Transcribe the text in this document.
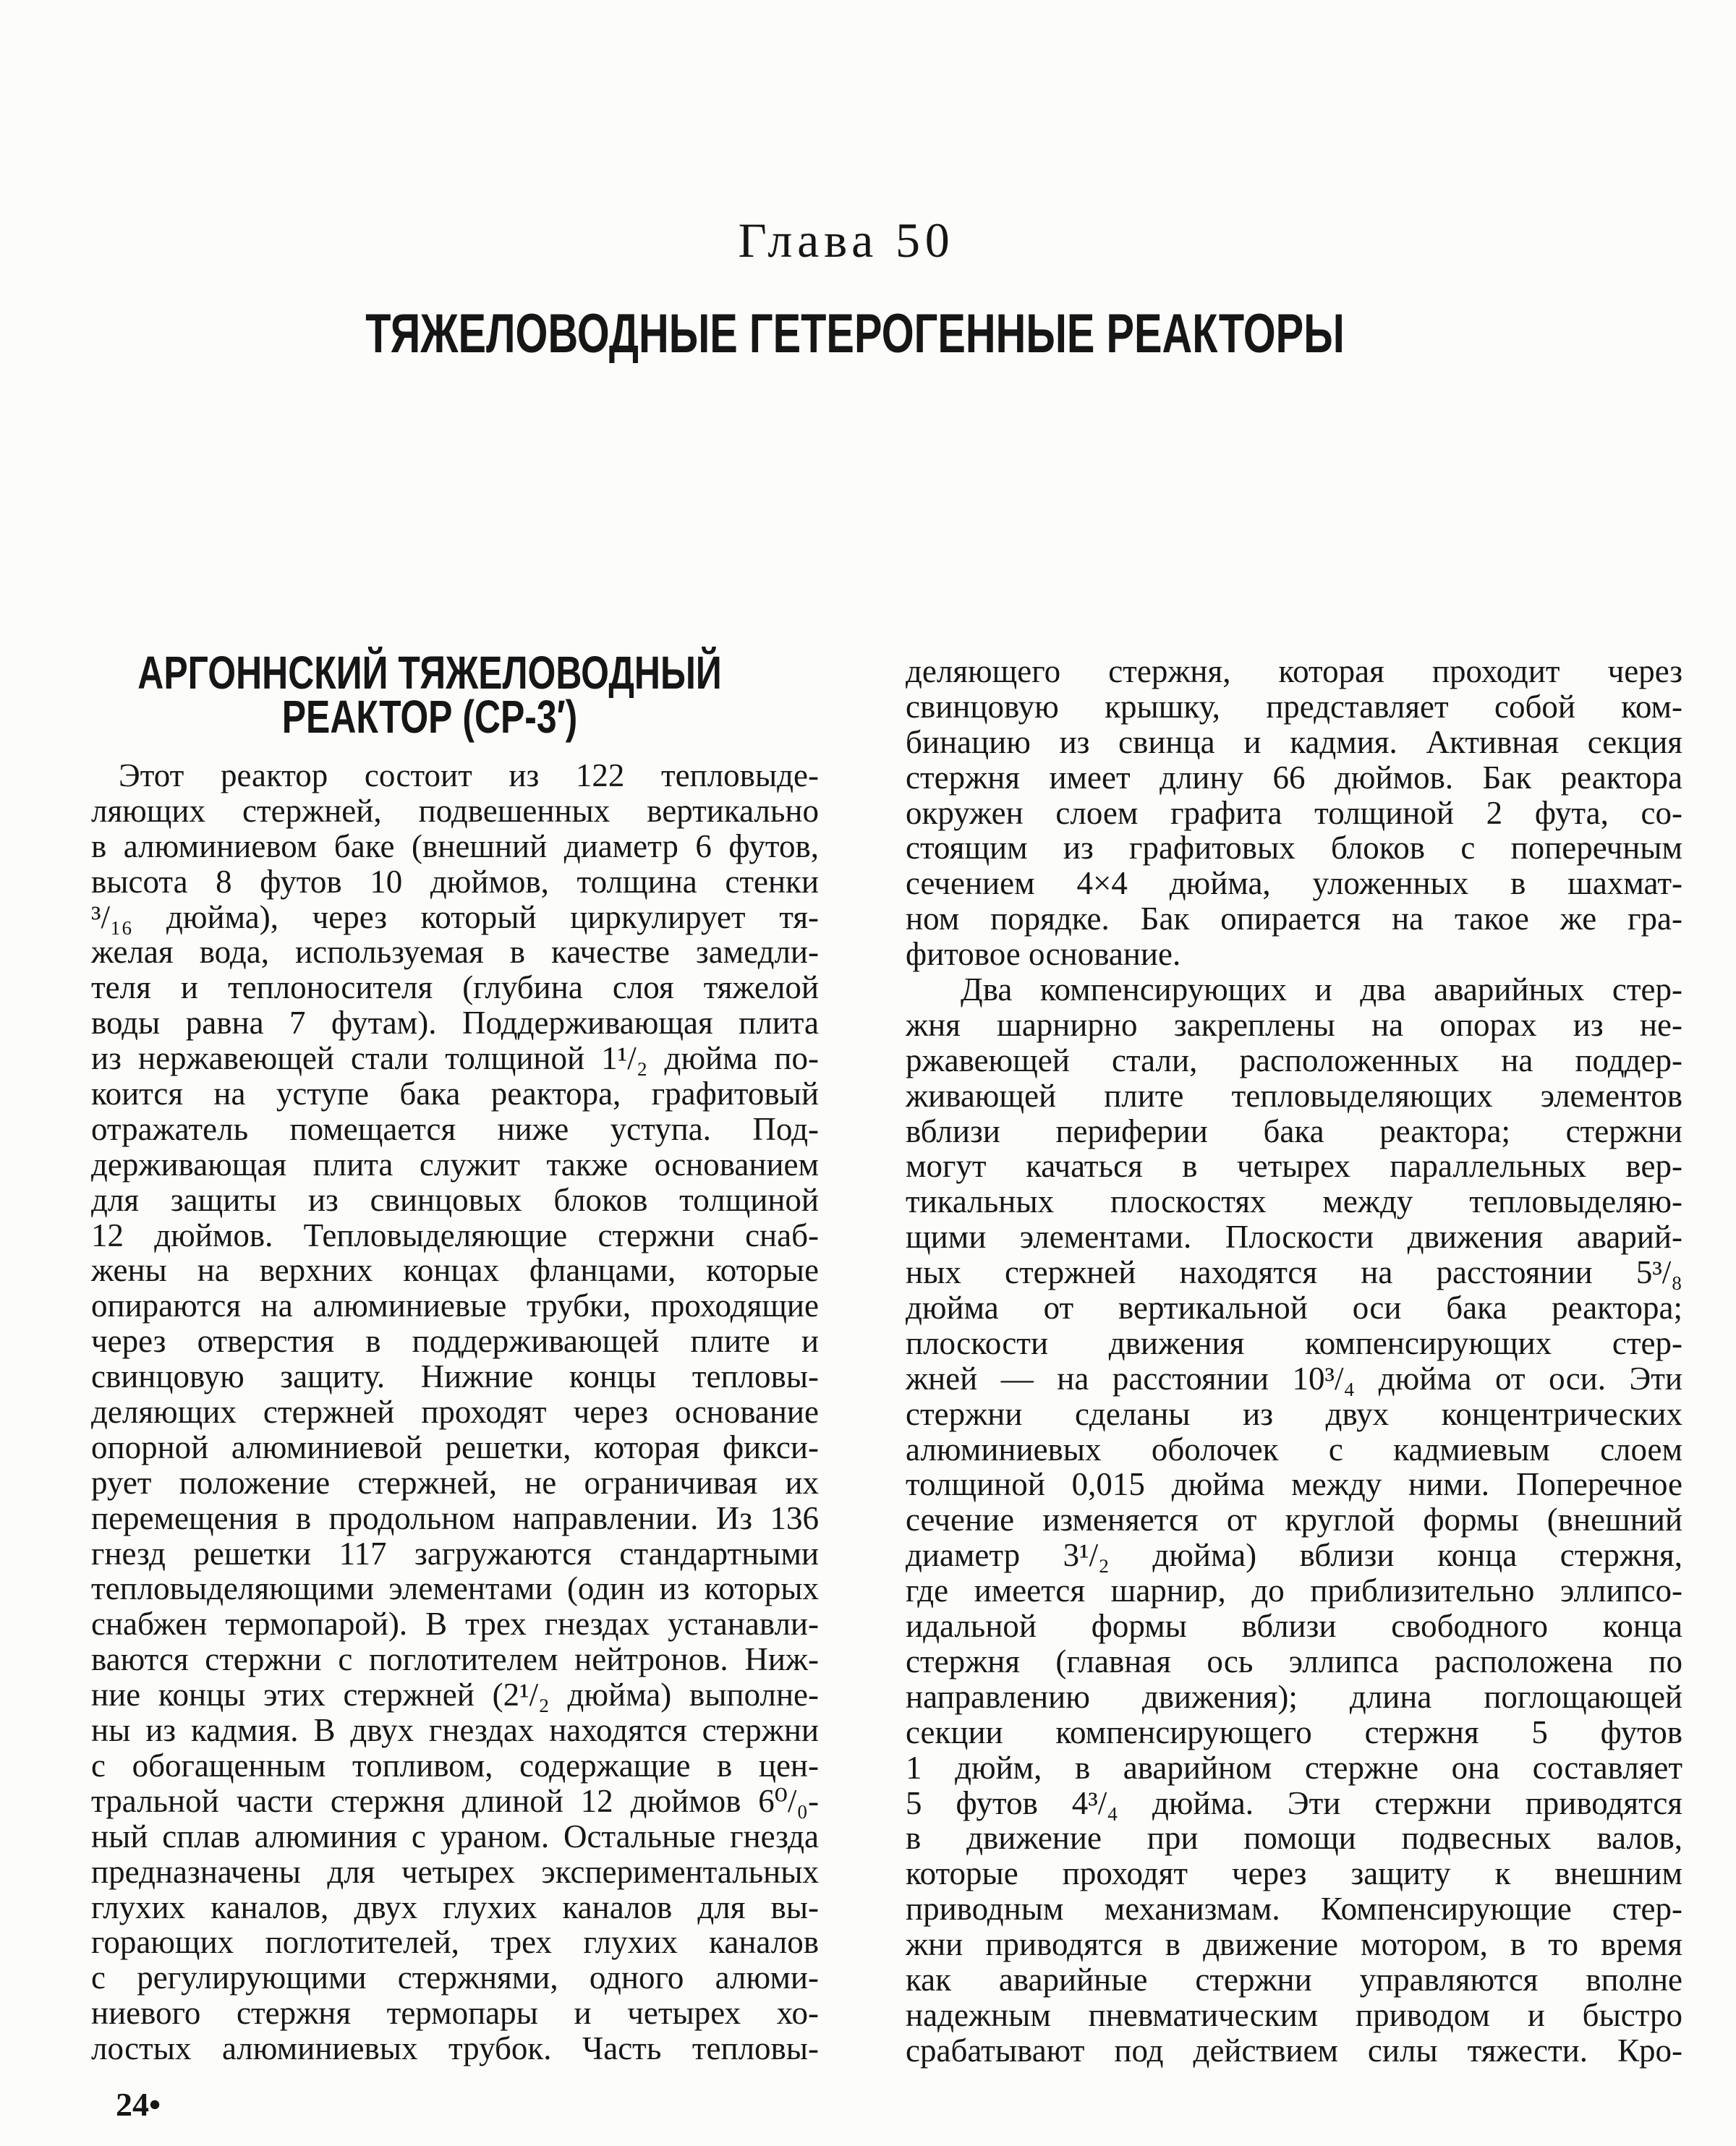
Глава 50
ТЯЖЕЛОВОДНЫЕ ГЕТЕРОГЕННЫЕ РЕАКТОРЫ
АРГОННСКИЙ ТЯЖЕЛОВОДНЫЙ
РЕАКТОР (CP-3′)
Этот реактор состоит из 122 тепловыде-
ляющих стержней, подвешенных вертикально
в алюминиевом баке (внешний диаметр 6 футов,
высота 8 футов 10 дюймов, толщина стенки
³/₁₆ дюйма), через который циркулирует тя-
желая вода, используемая в качестве замедли-
теля и теплоносителя (глубина слоя тяжелой
воды равна 7 футам). Поддерживающая плита
из нержавеющей стали толщиной 1¹/₂ дюйма по-
коится на уступе бака реактора, графитовый
отражатель помещается ниже уступа. Под-
держивающая плита служит также основанием
для защиты из свинцовых блоков толщиной
12 дюймов. Тепловыделяющие стержни снаб-
жены на верхних концах фланцами, которые
опираются на алюминиевые трубки, проходящие
через отверстия в поддерживающей плите и
свинцовую защиту. Нижние концы тепловы-
деляющих стержней проходят через основание
опорной алюминиевой решетки, которая фикси-
рует положение стержней, не ограничивая их
перемещения в продольном направлении. Из 136
гнезд решетки 117 загружаются стандартными
тепловыделяющими элементами (один из которых
снабжен термопарой). В трех гнездах устанавли-
ваются стержни с поглотителем нейтронов. Ниж-
ние концы этих стержней (2¹/₂ дюйма) выполне-
ны из кадмия. В двух гнездах находятся стержни
с обогащенным топливом, содержащие в цен-
тральной части стержня длиной 12 дюймов 6⁰/₀-
ный сплав алюминия с ураном. Остальные гнезда
предназначены для четырех экспериментальных
глухих каналов, двух глухих каналов для вы-
горающих поглотителей, трех глухих каналов
с регулирующими стержнями, одного алюми-
ниевого стержня термопары и четырех хо-
лостых алюминиевых трубок. Часть тепловы-
деляющего стержня, которая проходит через
свинцовую крышку, представляет собой ком-
бинацию из свинца и кадмия. Активная секция
стержня имеет длину 66 дюймов. Бак реактора
окружен слоем графита толщиной 2 фута, со-
стоящим из графитовых блоков с поперечным
сечением 4×4 дюйма, уложенных в шахмат-
ном порядке. Бак опирается на такое же гра-
фитовое основание.
Два компенсирующих и два аварийных стер-
жня шарнирно закреплены на опорах из не-
ржавеющей стали, расположенных на поддер-
живающей плите тепловыделяющих элементов
вблизи периферии бака реактора; стержни
могут качаться в четырех параллельных вер-
тикальных плоскостях между тепловыделяю-
щими элементами. Плоскости движения аварий-
ных стержней находятся на расстоянии 5³/₈
дюйма от вертикальной оси бака реактора;
плоскости движения компенсирующих стер-
жней — на расстоянии 10³/₄ дюйма от оси. Эти
стержни сделаны из двух концентрических
алюминиевых оболочек с кадмиевым слоем
толщиной 0,015 дюйма между ними. Поперечное
сечение изменяется от круглой формы (внешний
диаметр 3¹/₂ дюйма) вблизи конца стержня,
где имеется шарнир, до приблизительно эллипсо-
идальной формы вблизи свободного конца
стержня (главная ось эллипса расположена по
направлению движения); длина поглощающей
секции компенсирующего стержня 5 футов
1 дюйм, в аварийном стержне она составляет
5 футов 4³/₄ дюйма. Эти стержни приводятся
в движение при помощи подвесных валов,
которые проходят через защиту к внешним
приводным механизмам. Компенсирующие стер-
жни приводятся в движение мотором, в то время
как аварийные стержни управляются вполне
надежным пневматическим приводом и быстро
срабатывают под действием силы тяжести. Кро-
24•
